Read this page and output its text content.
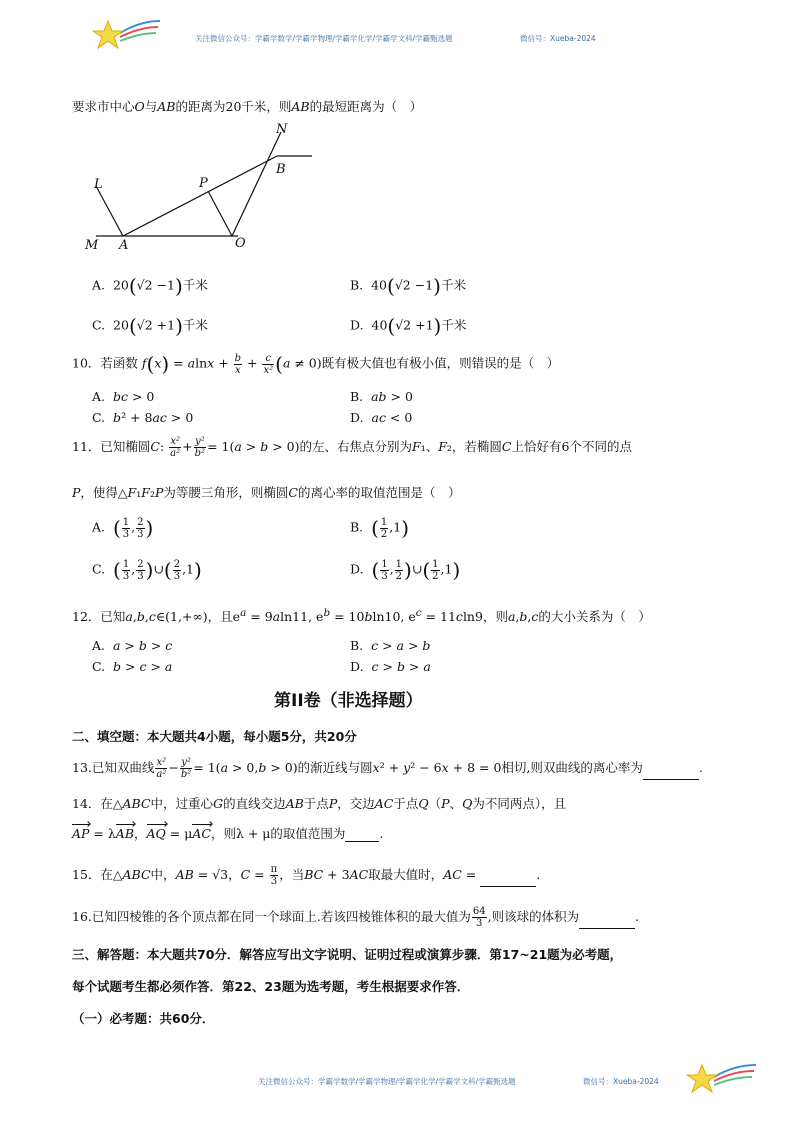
关注微信公众号：学霸学数学/学霸学物理/学霸学化学/学霸学文科/学霸甄选题	微信号：Xueba-2024
要求市中心O与AB的距离为20千米，则AB的最短距离为（　）
N
B
L	P
M A	O
A.  20(√2 −1)千米	B.  40(√2 −1)千米
C.  20(√2 +1)千米	D.  40(√2 +1)千米
10．若函数 $f(x) = alnx + \frac{b}{x} + \frac{c}{\text{x²}} (a \ne 0)$既有极大值也有极小值，则错误的是（　）
A.  bc > 0	B.  ab > 0
C.  b² + 8ac > 0	D.  ac < 0
11．已知椭圆C: $\frac{\text{x²}}{\text{a²}} + \frac{\text{y²}}{\text{b²}} = 1(a > b > 0)$的左、右焦点分别为F₁、F₂，若椭圆C上恰好有6个不同的点
P，使得△F₁F₂P为等腰三角形，则椭圆C的离心率的取值范围是（　）
A.  ( $\frac{1}{3}$ , $\frac{2}{3}$ )	B.  ( $\frac{1}{2} ,1$)
C.  ( $\frac{1}{3}$ , $\frac{2}{3}$ )∪( $\frac{2}{3} ,1$)	D.  ( $\frac{1}{3}$ , $\frac{1}{2}$ )∪( $\frac{1}{2} ,1$)
12．已知a,b,c∈(1,+∞)，且$e^a = 9aln11$, $e^b = 10bln10$, $e^c = 11cln9$，则a,b,c的大小关系为（　）
A.  a > b > c	B.  c > a > b
C.  b > c > a	D.  c > b > a
第II卷（非选择题）
二、填空题：本大题共4小题，每小题5分，共20分
13.已知双曲线 $\frac{\text{x²}}{\text{a²}} - \frac{\text{y²}}{\text{b²}} = 1(a > 0,b > 0)$的渐近线与圆x² + y² − 6x + 8 = 0相切,则双曲线的离心率为	.
14．在△ABC中，过重心G的直线交边AB于点P，交边AC于点Q（P、Q为不同两点），且
AP = λAB，AQ = μAC，则λ + μ的取值范围为	.
15．在△ABC中，AB = √3，$C = \frac{\pi}{3}$ ，当BC + 3AC取最大值时，AC =	.
16.已知四棱锥的各个顶点都在同一个球面上.若该四棱锥体积的最大值为 $\frac{64}{3}$ ,则该球的体积为	.
三、解答题：本大题共70分．解答应写出文字说明、证明过程或演算步骤．第17~21题为必考题，
每个试题考生都必须作答．第22、23题为选考题，考生根据要求作答．
（一）必考题：共60分．
关注微信公众号：学霸学数学/学霸学物理/学霸学化学/学霸学文科/学霸甄选题	微信号：Xueba-2024
